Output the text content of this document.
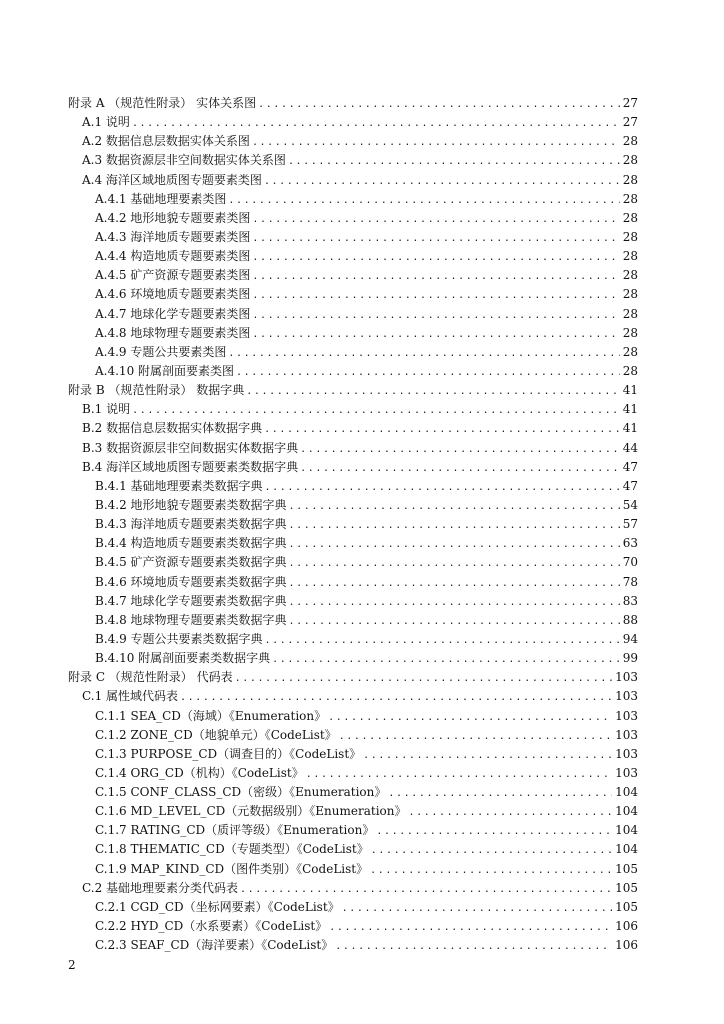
附录 A （规范性附录） 实体关系图 .....	27
A.1 说明 .....	27
A.2 数据信息层数据实体关系图 .....	28
A.3 数据资源层非空间数据实体关系图 .....	28
A.4 海洋区域地质图专题要素类图 .....	28
A.4.1 基础地理要素类图 .....	28
A.4.2 地形地貌专题要素类图 .....	28
A.4.3 海洋地质专题要素类图 .....	28
A.4.4 构造地质专题要素类图 .....	28
A.4.5 矿产资源专题要素类图 .....	28
A.4.6 环境地质专题要素类图 .....	28
A.4.7 地球化学专题要素类图 .....	28
A.4.8 地球物理专题要素类图 .....	28
A.4.9 专题公共要素类图 .....	28
A.4.10 附属剖面要素类图 .....	28
附录 B （规范性附录） 数据字典 .....	41
B.1 说明 .....	41
B.2 数据信息层数据实体数据字典 .....	41
B.3 数据资源层非空间数据实体数据字典 .....	44
B.4 海洋区域地质图专题要素类数据字典 .....	47
B.4.1 基础地理要素类数据字典 .....	47
B.4.2 地形地貌专题要素类数据字典 .....	54
B.4.3 海洋地质专题要素类数据字典 .....	57
B.4.4 构造地质专题要素类数据字典 .....	63
B.4.5 矿产资源专题要素类数据字典 .....	70
B.4.6 环境地质专题要素类数据字典 .....	78
B.4.7 地球化学专题要素类数据字典 .....	83
B.4.8 地球物理专题要素类数据字典 .....	88
B.4.9 专题公共要素类数据字典 .....	94
B.4.10 附属剖面要素类数据字典 .....	99
附录 C （规范性附录） 代码表 .....	103
C.1 属性域代码表 .....	103
C.1.1 SEA_CD（海域）《Enumeration》 .....	103
C.1.2 ZONE_CD（地貌单元）《CodeList》 .....	103
C.1.3 PURPOSE_CD（调查目的）《CodeList》 .....	103
C.1.4 ORG_CD（机构）《CodeList》 .....	103
C.1.5 CONF_CLASS_CD（密级）《Enumeration》 .....	104
C.1.6 MD_LEVEL_CD（元数据级别）《Enumeration》 .....	104
C.1.7 RATING_CD（质评等级）《Enumeration》 .....	104
C.1.8 THEMATIC_CD（专题类型）《CodeList》 .....	104
C.1.9 MAP_KIND_CD（图件类别）《CodeList》 .....	105
C.2 基础地理要素分类代码表 .....	105
C.2.1 CGD_CD（坐标网要素）《CodeList》 .....	105
C.2.2 HYD_CD（水系要素）《CodeList》 .....	106
C.2.3 SEAF_CD（海洋要素）《CodeList》 .....	106
2
